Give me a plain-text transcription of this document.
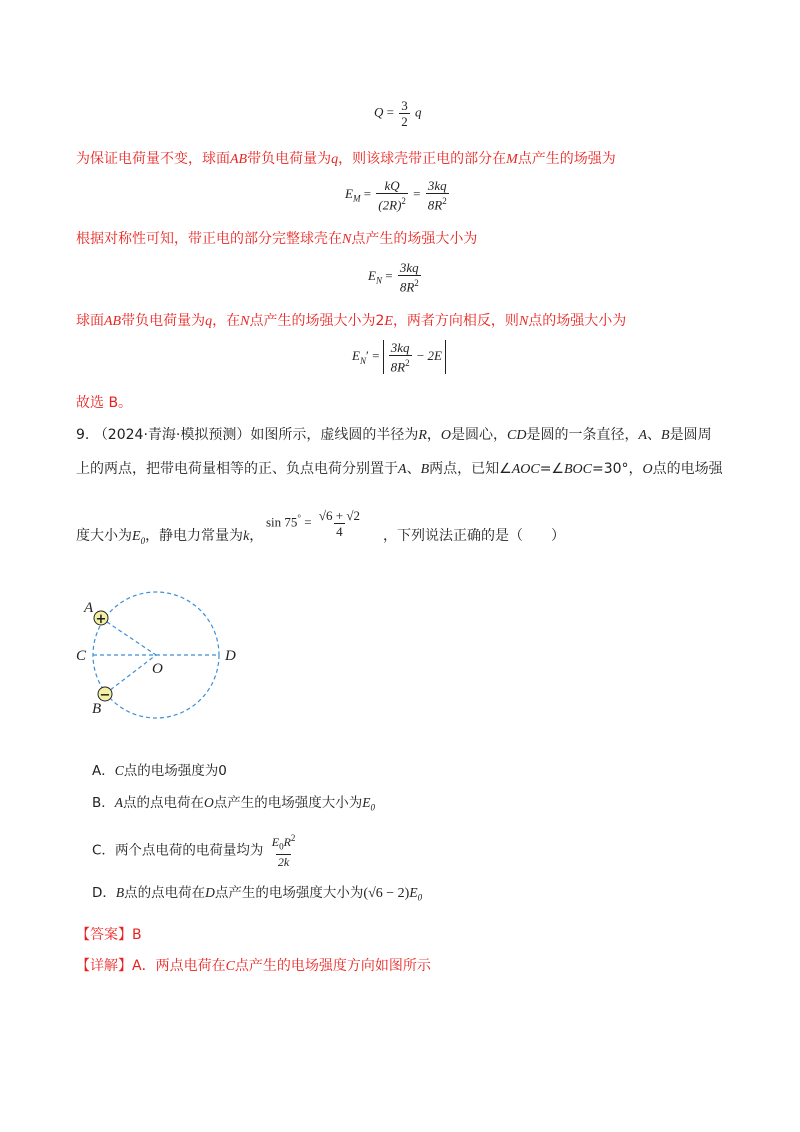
$Q = \frac{3}{2}$ q
为保证电荷量不变，球面AB带负电荷量为q，则该球壳带正电的部分在M点产生的场强为
$E_M = \frac{kQ}{(2R)^2} = \frac{3kq}{8R^2}$
根据对称性可知，带正电的部分完整球壳在N点产生的场强大小为
$E_N = \frac{3kq}{8R^2}$
球面AB带负电荷量为q，在N点产生的场强大小为2E，两者方向相反，则N点的场强大小为
$E_N' = \frac{3kq}{8R^2} - 2E$
故选 B。
9. （2024·青海·模拟预测）如图所示，虚线圆的半径为R，O是圆心，CD是圆的一条直径，A、B是圆周
上的两点，把带电荷量相等的正、负点电荷分别置于A、B两点，已知∠AOC=∠BOC=30°，O点的电场强
度大小为$E_0$，静电力常量为k，
$\sin 75^\circ = \frac{√6 + √2}{4}$ ，下列说法正确的是（　　）
+
−
A
B
C	D
O
A．C点的电场强度为0
B．A点的点电荷在O点产生的电场强度大小为$E_0$
C．两个点电荷的电荷量均为 $\frac{E_0R^2}{2k}$
D．B点的点电荷在D点产生的电场强度大小为$(√6 - 2)E_0$
【答案】B
【详解】A．两点电荷在C点产生的电场强度方向如图所示
